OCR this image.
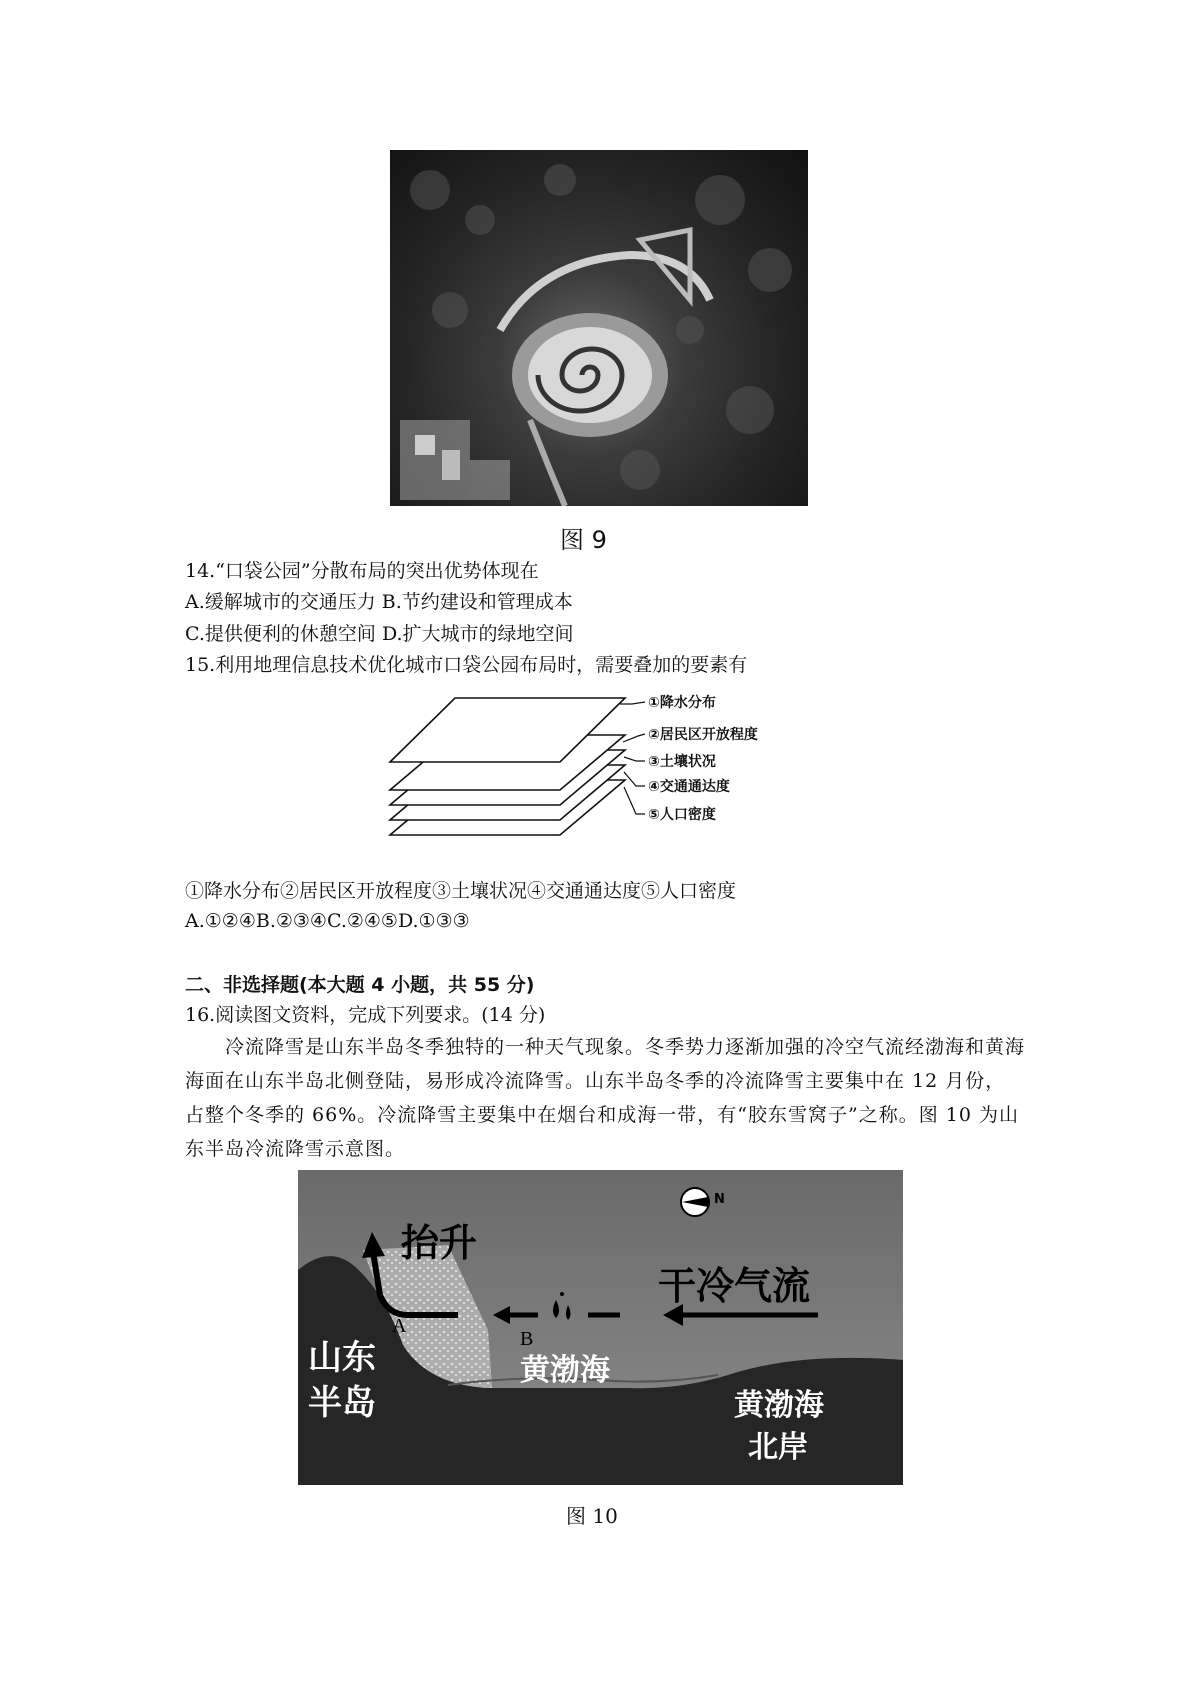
图 9
14.“口袋公园”分散布局的突出优势体现在
A.缓解城市的交通压力 B.节约建设和管理成本
C.提供便利的休憩空间 D.扩大城市的绿地空间
15.利用地理信息技术优化城市口袋公园布局时，需要叠加的要素有
①降水分布
②居民区开放程度
③土壤状况
④交通通达度
⑤人口密度
①降水分布②居民区开放程度③土壤状况④交通通达度⑤人口密度
A.①②④B.②③④C.②④⑤D.①③③
二、非选择题(本大题 4 小题，共 55 分)
16.阅读图文资料，完成下列要求。(14 分)
冷流降雪是山东半岛冬季独特的一种天气现象。冬季势力逐渐加强的冷空气流经渤海和黄海海面在山东半岛北侧登陆，易形成冷流降雪。山东半岛冬季的冷流降雪主要集中在 12 月份，占整个冬季的 66%。冷流降雪主要集中在烟台和成海一带，有“胶东雪窝子”之称。图 10 为山东半岛冷流降雪示意图。
N
抬升
干冷气流
A
B
山东
半岛
黄渤海
黄渤海
北岸
图 10
